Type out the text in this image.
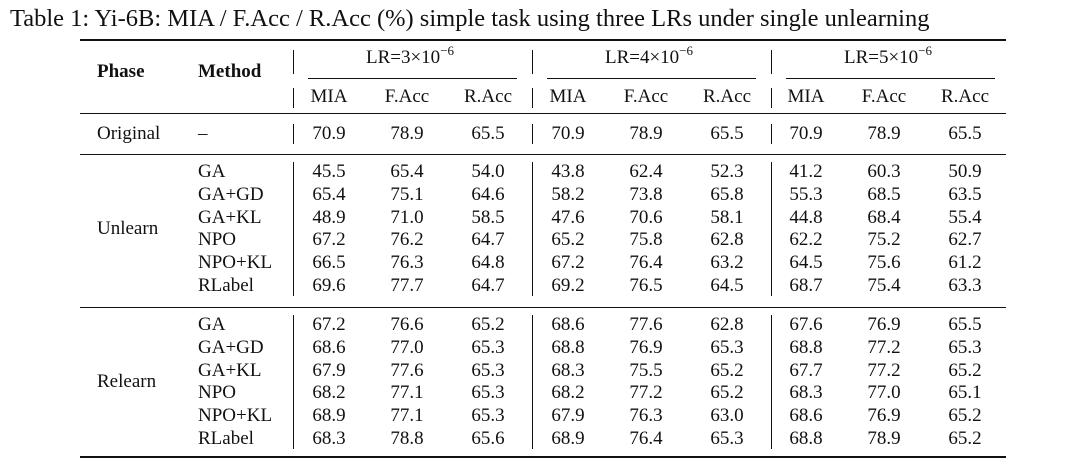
Table 1: Yi-6B: MIA / F.Acc / R.Acc (%) simple task using three LRs under single unlearning
Phase	Method
$LR=3\times 10^{-6}$	$LR=4\times 10^{-6}$	$LR=5\times 10^{-6}$
MIA F.Acc R.Acc MIA F.Acc R.Acc MIA F.Acc R.Acc
Original –	70.9 78.9	65.5 70.9 78.9	65.5 70.9 78.9	65.5
Unlearn
GA	45.5 65.4	54.0 43.8 62.4	52.3 41.2 60.3	50.9
GA+GD	65.4 75.1	64.6 58.2 73.8	65.8 55.3 68.5	63.5
GA+KL	48.9 71.0	58.5 47.6 70.6	58.1 44.8 68.4	55.4
NPO	67.2 76.2	64.7 65.2 75.8	62.8 62.2 75.2	62.7
NPO+KL 66.5 76.3	64.8 67.2 76.4	63.2 64.5 75.6	61.2
RLabel	69.6 77.7	64.7 69.2 76.5	64.5 68.7 75.4	63.3
Relearn
GA	67.2 76.6	65.2 68.6 77.6	62.8 67.6 76.9	65.5
GA+GD	68.6 77.0	65.3 68.8 76.9	65.3 68.8 77.2	65.3
GA+KL	67.9 77.6	65.3 68.3 75.5	65.2 67.7 77.2	65.2
NPO	68.2 77.1	65.3 68.2 77.2	65.2 68.3 77.0	65.1
NPO+KL 68.9 77.1	65.3 67.9 76.3	63.0 68.6 76.9	65.2
RLabel	68.3 78.8	65.6 68.9 76.4	65.3 68.8 78.9	65.2
